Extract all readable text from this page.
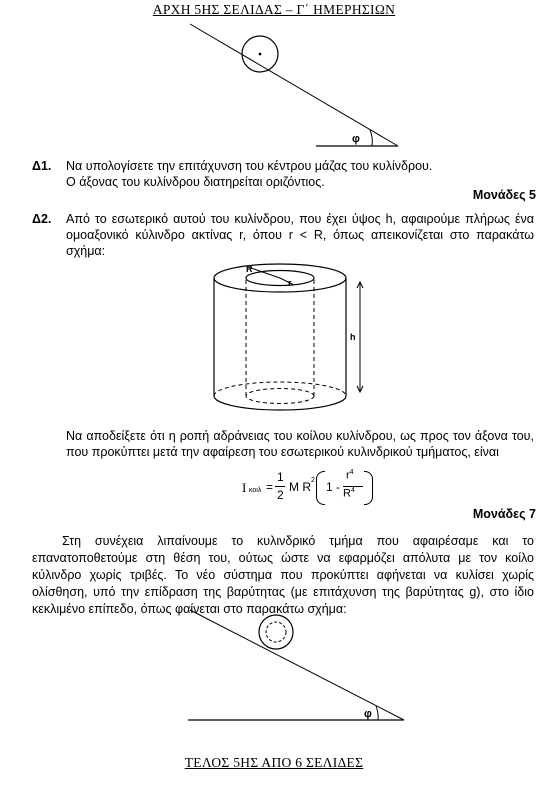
ΑΡΧΗ 5ΗΣ ΣΕΛΙΔΑΣ – Γ΄ ΗΜΕΡΗΣΙΩΝ
φ
Δ1. Να υπολογίσετε την επιτάχυνση του κέντρου μάζας του κυλίνδρου.
Ο άξονας του κυλίνδρου διατηρείται οριζόντιος.
Μονάδες 5
Δ2. Από το εσωτερικό αυτού του κυλίνδρου, που έχει ύψος h, αφαιρούμε πλήρως ένα ομοαξονικό κύλινδρο ακτίνας r, όπου r < R, όπως απεικονίζεται στο παρακάτω σχήμα:
R
r
h
Να αποδείξετε ότι η ροπή αδράνειας του κοίλου κυλίνδρου, ως προς τον άξονα του, που προκύπτει μετά την αφαίρεση του εσωτερικού κυλινδρικού τμήματος, είναι
I κοιλ =
1
2
M R 2 1 -
$r^4$
$R^4$
Μονάδες 7
Στη συνέχεια λιπαίνουμε το κυλινδρικό τμήμα που αφαιρέσαμε και το επανατοποθετούμε στη θέση του, ούτως ώστε να εφαρμόζει απόλυτα με τον κοίλο κύλινδρο χωρίς τριβές. Το νέο σύστημα που προκύπτει αφήνεται να κυλίσει χωρίς ολίσθηση, υπό την επίδραση της βαρύτητας (με επιτάχυνση της βαρύτητας g), στο ίδιο κεκλιμένο επίπεδο, όπως φαίνεται στο παρακάτω σχήμα:
φ
ΤΕΛΟΣ 5ΗΣ ΑΠΟ 6 ΣΕΛΙΔΕΣ
